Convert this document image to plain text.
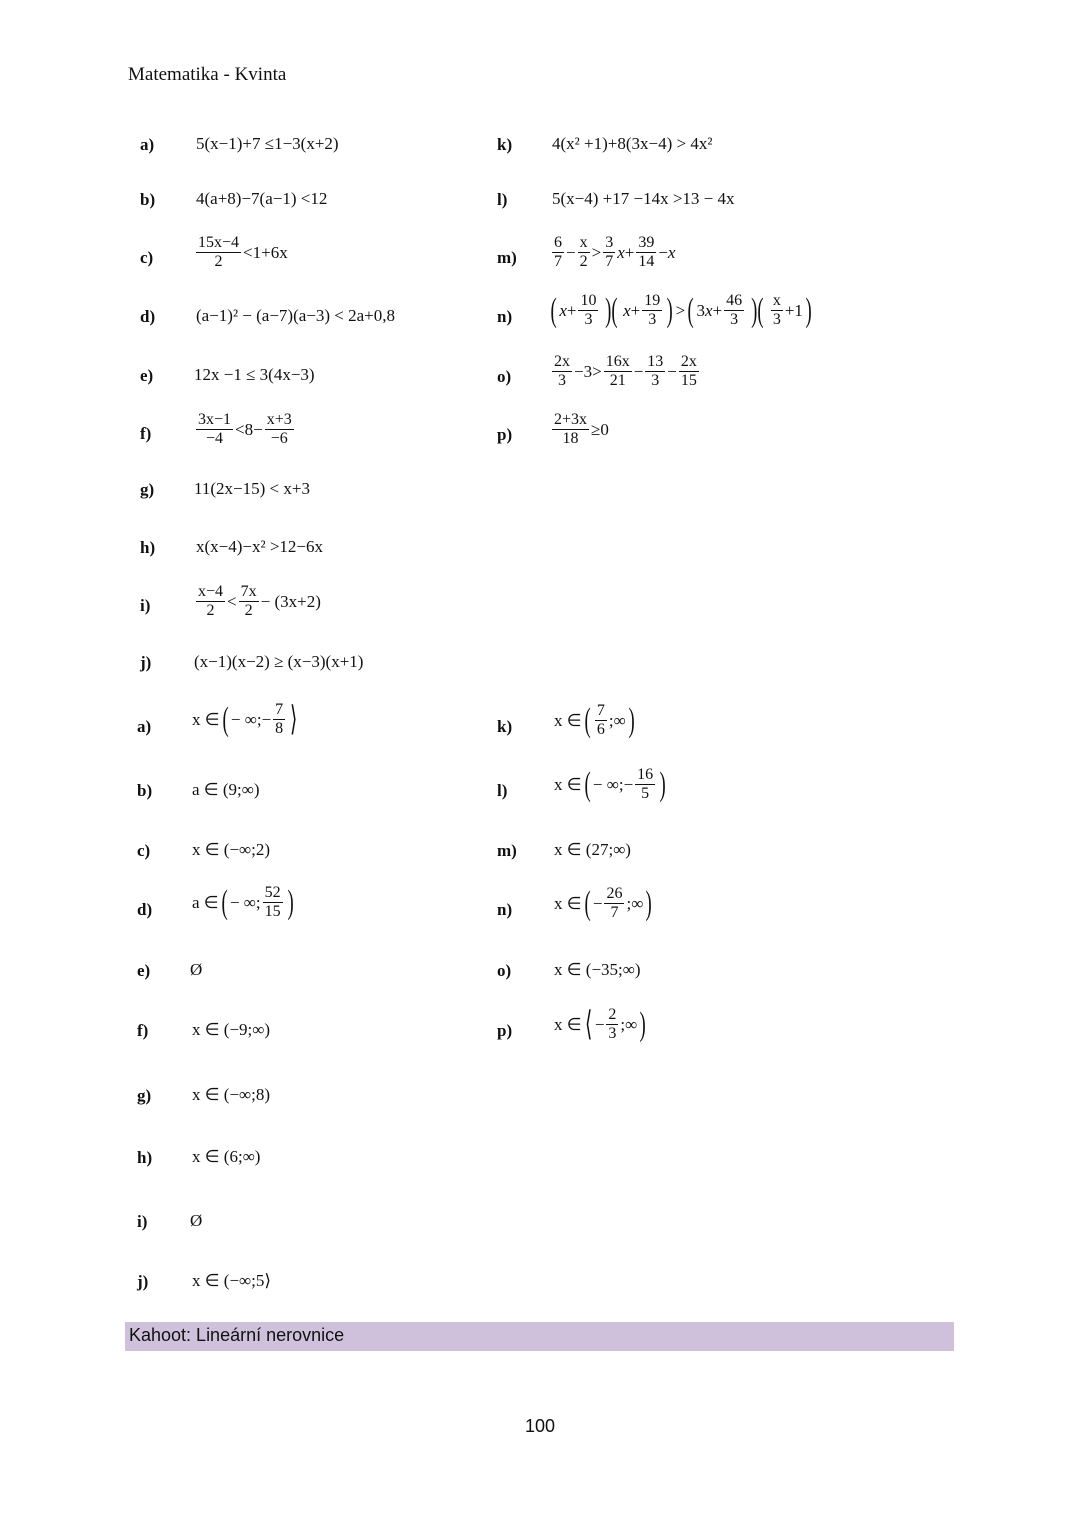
Matematika - Kvinta
a) 5(x−1)+7 ≤1−3(x+2)
b) 4(a+8)−7(a−1) <12
c)	$\frac{15x-4}{2} <1+6x$
d) (a−1)² − (a−7)(a−3) < 2a+0,8
e) 12x −1 ≤ 3(4x−3)
f)	$\frac{3x-1}{-4} <8- \frac{x+3}{-6}$
g) 11(2x−15) < x+3
h) x(x−4)−x² >12−6x
i)	$\frac{x-4}{2} < \frac{7x}{2} - (3x+2)$
j)	(x−1)(x−2) ≥ (x−3)(x+1)
k) 4(x² +1)+8(3x−4) > 4x²
l)	5(x−4) +17 −14x >13 − 4x
$m) \frac{6}{7} - \frac{x}{2} > \frac{3}{7}$ $x + \frac{39}{14} - x$
n) ( $x + \frac{10}{3}$ )( $x + \frac{19}{3}$ ) > ( 3 $x + \frac{46}{3}$ )( $\frac{x}{3} +1$ )
o)	$\frac{2x}{3} -3> \frac{16x}{21} - \frac{13}{3} - \frac{2x}{15}$
$p) \frac{2+3x}{18} \ge 0$
a) x ∈ ( − ∞;− $\frac{7}{8}$ ⟩
b) a ∈ (9;∞)
c) x ∈ (−∞;2)
d) a ∈ ( − ∞; $\frac{52}{15}$ )
e) Ø
f)	x ∈ (−9;∞)
g) x ∈ (−∞;8)
h) x ∈ (6;∞)
i)	Ø
j)	x ∈ (−∞;5⟩
k) x ∈ ( $\frac{7}{6}$ ;∞ )
l)	x ∈ ( − ∞;− $\frac{16}{5}$ )
m) x ∈ (27;∞)
n) x ∈ ( − $\frac{26}{7}$ ;∞ )
o)	x ∈ (−35;∞)
p) x ∈ ⟨ − $\frac{2}{3}$ ;∞ )
Kahoot: Lineární nerovnice
100
